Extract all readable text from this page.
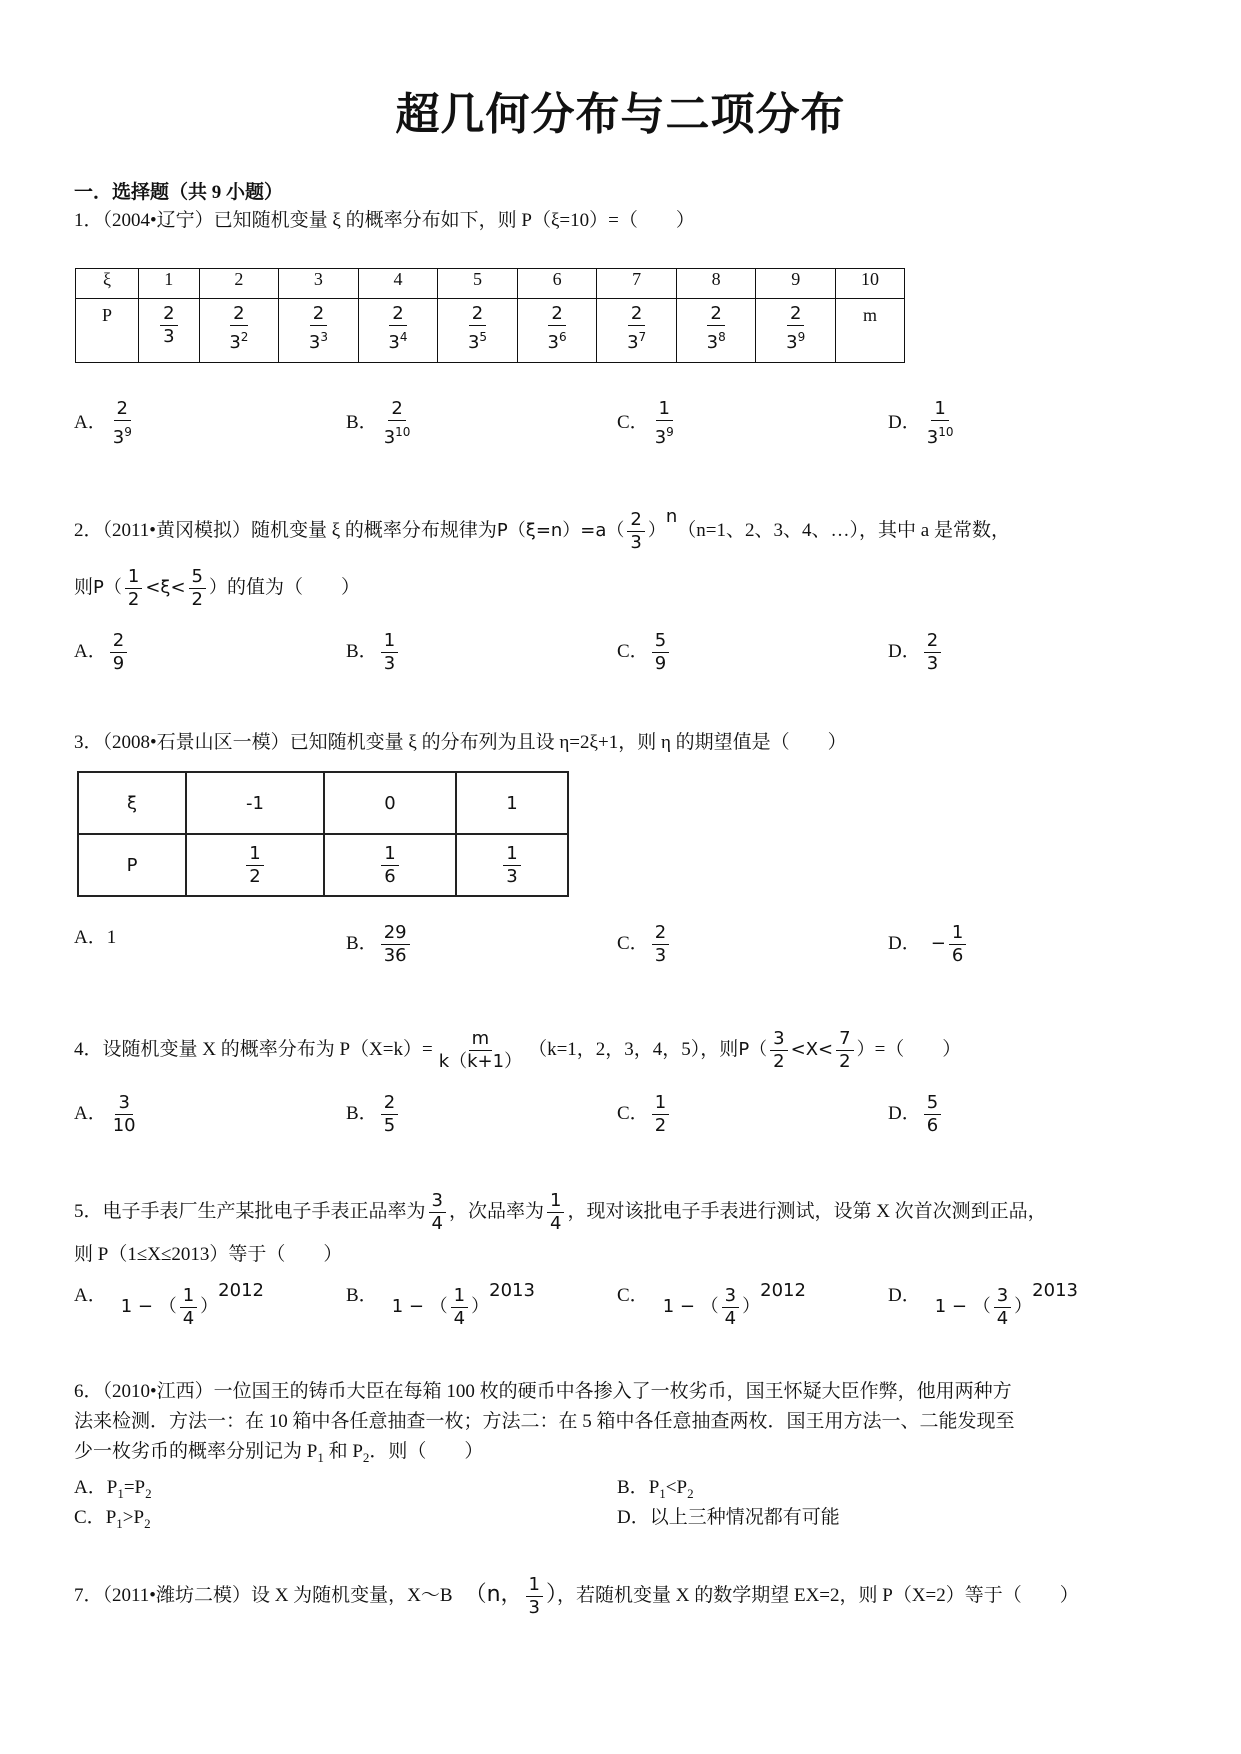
超几何分布与二项分布
一．选择题（共 9 小题）
1．（2004•辽宁）已知随机变量 ξ 的概率分布如下，则 P（ξ=10）=（　　）
ξ	1	2	3	4	5	6	7	8	9	10
P	$\frac{2}{3}$	$\frac{2}{3^2}$	$\frac{2}{3^3}$	$\frac{2}{3^4}$	$\frac{2}{3^5}$	$\frac{2}{3^6}$	$\frac{2}{3^7}$	$\frac{2}{3^8}$	$\frac{2}{3^9}$	m
A． $\frac{2}{3^9}$	B． $\frac{2}{3^{10}}$	C． $\frac{1}{3^9}$	D． $\frac{1}{3^{10}}$
2．（2011•黄冈模拟）随机变量 ξ 的概率分布规律为$P(\xi=n)=a( \frac{2}{3} )^n(n=1$、2、3、4、…），其中 a 是常数，
则$P( \frac{1}{2} <\xi< \frac{5}{2}$ ）的值为（　　）
A． $\frac{2}{9}$	B． $\frac{1}{3}$	C． $\frac{5}{9}$	D． $\frac{2}{3}$
3．（2008•石景山区一模）已知随机变量 ξ 的分布列为且设 η=2ξ+1，则 η 的期望值是（　　）
ξ	-1	0	1
P	$\frac{1}{2}$	$\frac{1}{6}$	$\frac{1}{3}$
A．1	B． $\frac{29}{36}$	C． $\frac{2}{3}$	D． − $\frac{1}{6}$
4．设随机变量 X 的概率分布为 $P(X=k)= \frac{m}{k(k+1)} (k=1$，2，3，4，5），则$P( \frac{3}{2} <X< \frac{7}{2}$ ）=（　　）
A． $\frac{3}{10}$	B． $\frac{2}{5}$	C． $\frac{1}{2}$	D． $\frac{5}{6}$
5．电子手表厂生产某批电子手表正品率为 $\frac{3}{4}$ ，次品率为 $\frac{1}{4}$ ，现对该批电子手表进行测试，设第 X 次首次测到正品，
则 P（1≤X≤2013）等于（　　）
A．1 − （ $\frac{1}{4} )^{2012}$	B．1 − （ $\frac{1}{4} )^{2013}$	C．1 − （ $\frac{3}{4} )^{2012}$	D．1 − （ $\frac{3}{4} )^{2013}$
6．（2010•江西）一位国王的铸币大臣在每箱 100 枚的硬币中各掺入了一枚劣币，国王怀疑大臣作弊，他用两种方
法来检测．方法一：在 10 箱中各任意抽查一枚；方法二：在 5 箱中各任意抽查两枚．国王用方法一、二能发现至
少一枚劣币的概率分别记为 $P_1$ 和 $P_2$．则（　　）
A．$P_1=P_2$	B．$P_1<P_2$
C．$P_1>P_2$	D．以上三种情况都有可能
7．（2011•潍坊二模）设 X 为随机变量，X～B （n， $\frac{1}{3}$ ），若随机变量 X 的数学期望 EX=2，则 P（X=2）等于（　　）
